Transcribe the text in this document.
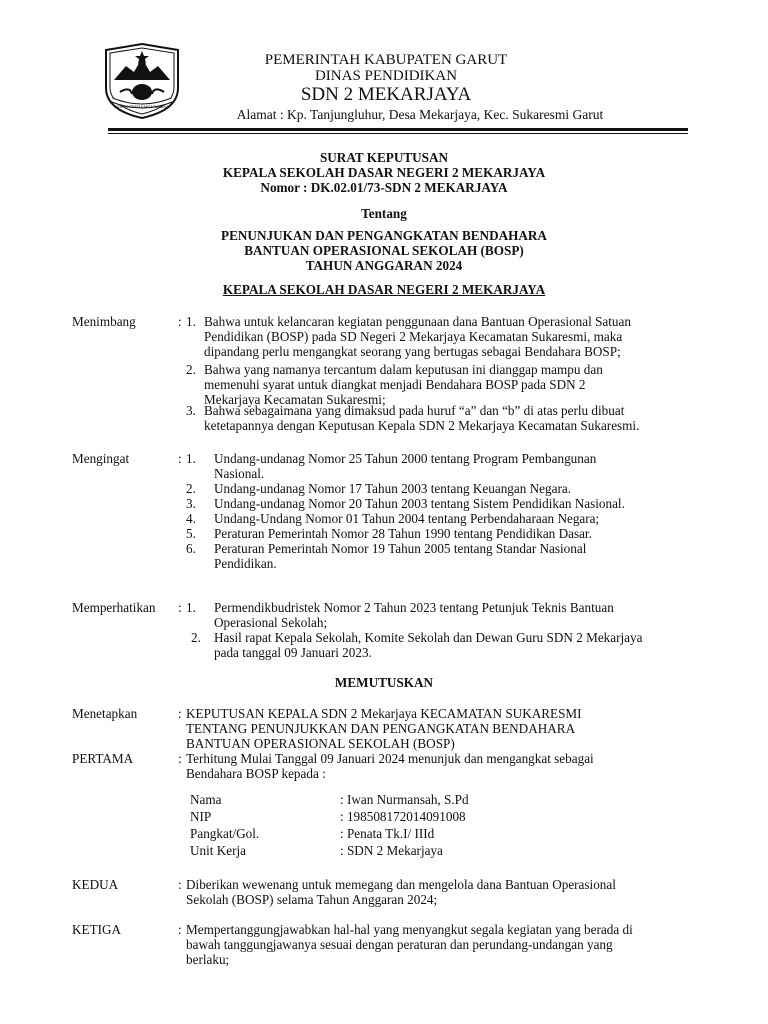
TATA TENTREM KARTA RAHARJA
PEMERINTAH KABUPATEN GARUT
DINAS PENDIDIKAN
SDN 2 MEKARJAYA
Alamat : Kp. Tanjungluhur, Desa Mekarjaya, Kec. Sukaresmi Garut
SURAT KEPUTUSAN
KEPALA SEKOLAH DASAR NEGERI 2 MEKARJAYA
Nomor : DK.02.01/73-SDN 2 MEKARJAYA
Tentang
PENUNJUKAN DAN PENGANGKATAN BENDAHARA
BANTUAN OPERASIONAL SEKOLAH (BOSP)
TAHUN ANGGARAN 2024
KEPALA SEKOLAH DASAR NEGERI 2 MEKARJAYA
Menimbang	: 1. Bahwa untuk kelancaran kegiatan penggunaan dana Bantuan Operasional Satuan
Pendidikan (BOSP) pada SD Negeri 2 Mekarjaya Kecamatan Sukaresmi, maka
dipandang perlu mengangkat seorang yang bertugas sebagai Bendahara BOSP;
2. Bahwa yang namanya tercantum dalam keputusan ini dianggap mampu dan
memenuhi syarat untuk diangkat menjadi Bendahara BOSP pada SDN 2
Mekarjaya Kecamatan Sukaresmi;
3. Bahwa sebagaimana yang dimaksud pada huruf “a” dan “b” di atas perlu dibuat
ketetapannya dengan Keputusan Kepala SDN 2 Mekarjaya Kecamatan Sukaresmi.
Mengingat	: 1. Undang-undanag Nomor 25 Tahun 2000 tentang Program Pembangunan
Nasional.
2. Undang-undanag Nomor 17 Tahun 2003 tentang Keuangan Negara.
3. Undang-undanag Nomor 20 Tahun 2003 tentang Sistem Pendidikan Nasional.
4. Undang-Undang Nomor 01 Tahun 2004 tentang Perbendaharaan Negara;
5. Peraturan Pemerintah Nomor 28 Tahun 1990 tentang Pendidikan Dasar.
6. Peraturan Pemerintah Nomor 19 Tahun 2005 tentang Standar Nasional
Pendidikan.
Memperhatikan : 1. Permendikbudristek Nomor 2 Tahun 2023 tentang Petunjuk Teknis Bantuan
Operasional Sekolah;
2. Hasil rapat Kepala Sekolah, Komite Sekolah dan Dewan Guru SDN 2 Mekarjaya
pada tanggal 09 Januari 2023.
MEMUTUSKAN
Menetapkan	: KEPUTUSAN KEPALA SDN 2 Mekarjaya KECAMATAN SUKARESMI
TENTANG PENUNJUKKAN DAN PENGANGKATAN BENDAHARA
BANTUAN OPERASIONAL SEKOLAH (BOSP)
PERTAMA	: Terhitung Mulai Tanggal 09 Januari 2024 menunjuk dan mengangkat sebagai
Bendahara BOSP kepada :
Nama	: Iwan Nurmansah, S.Pd
NIP	: 198508172014091008
Pangkat/Gol.	: Penata Tk.I/ IIId
Unit Kerja	: SDN 2 Mekarjaya
KEDUA	: Diberikan wewenang untuk memegang dan mengelola dana Bantuan Operasional
Sekolah (BOSP) selama Tahun Anggaran 2024;
KETIGA	: Mempertanggungjawabkan hal-hal yang menyangkut segala kegiatan yang berada di
bawah tanggungjawanya sesuai dengan peraturan dan perundang-undangan yang
berlaku;
